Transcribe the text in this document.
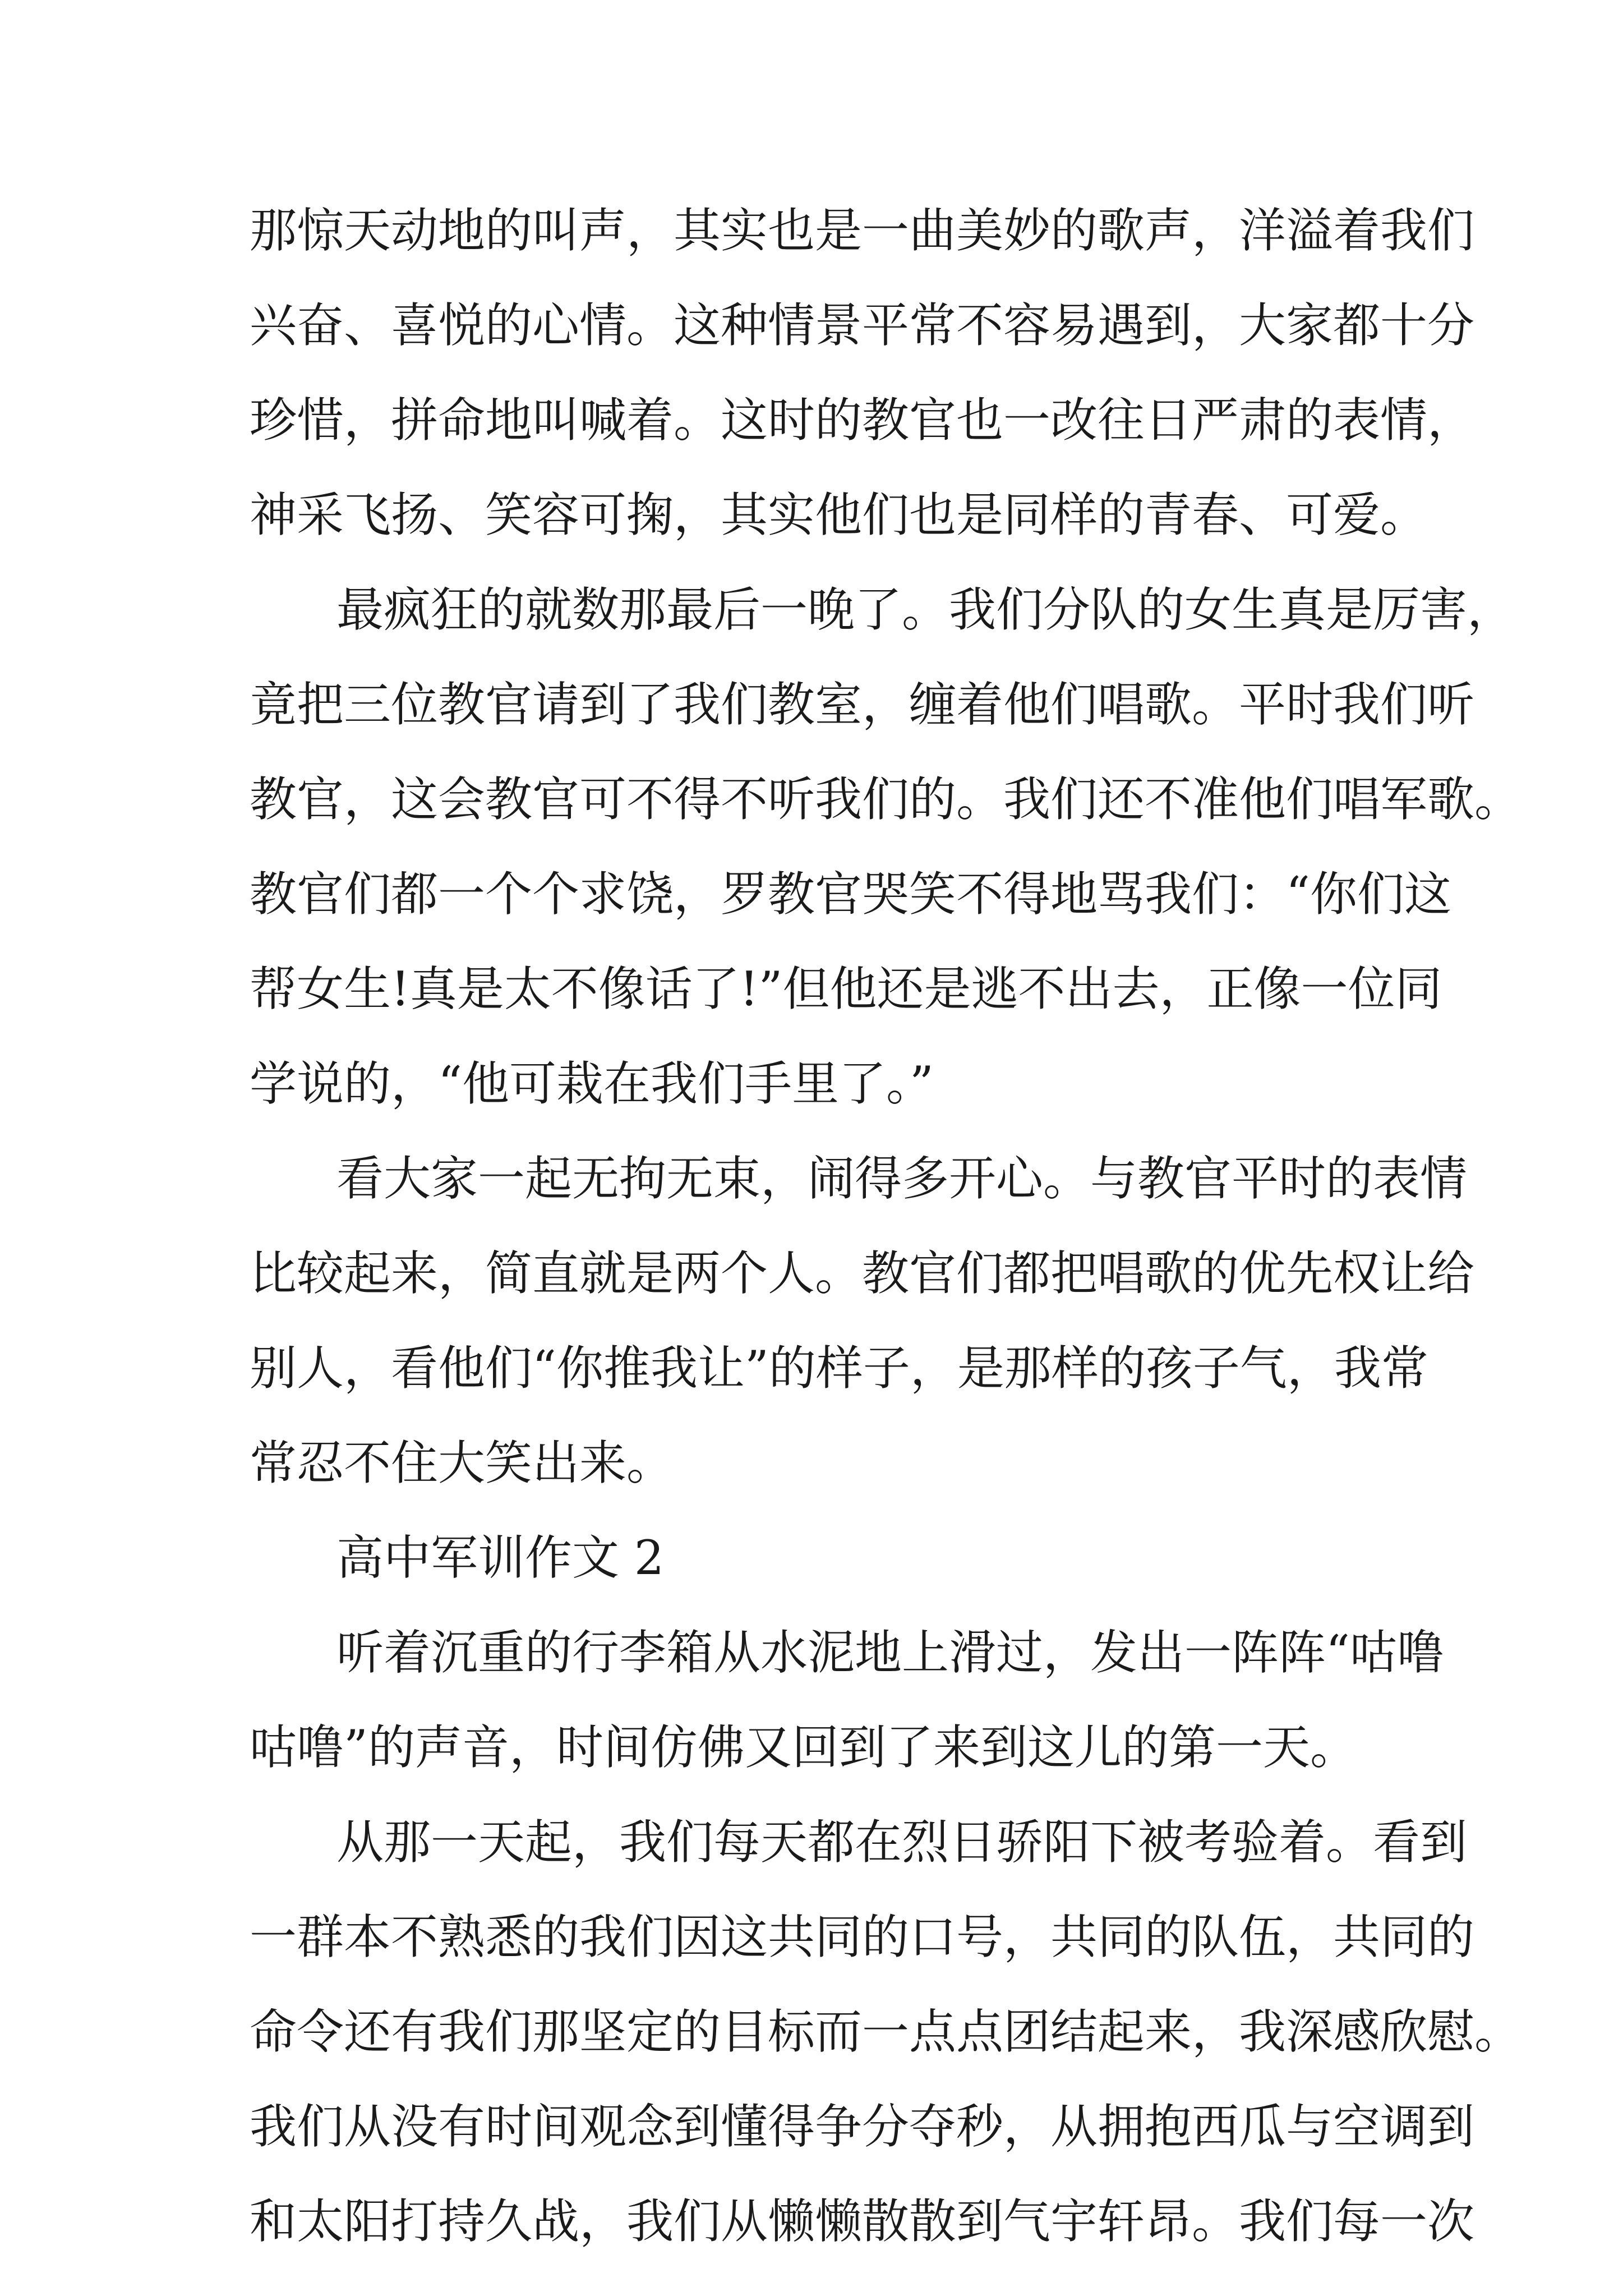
那惊天动地的叫声，其实也是一曲美妙的歌声，洋溢着我们

兴奋、喜悦的心情。这种情景平常不容易遇到，大家都十分

珍惜，拼命地叫喊着。这时的教官也一改往日严肃的表情，

神采飞扬、笑容可掬，其实他们也是同样的青春、可爱。

最疯狂的就数那最后一晚了。我们分队的女生真是厉害，

竟把三位教官请到了我们教室，缠着他们唱歌。平时我们听

教官，这会教官可不得不听我们的。我们还不准他们唱军歌。

教官们都一个个求饶，罗教官哭笑不得地骂我们：“你们这

帮女生!真是太不像话了!”但他还是逃不出去，正像一位同

学说的，“他可栽在我们手里了。”

看大家一起无拘无束，闹得多开心。与教官平时的表情

比较起来，简直就是两个人。教官们都把唱歌的优先权让给

别人，看他们“你推我让”的样子，是那样的孩子气，我常

常忍不住大笑出来。

高中军训作文 2

听着沉重的行李箱从水泥地上滑过，发出一阵阵“咕噜

咕噜”的声音，时间仿佛又回到了来到这儿的第一天。

从那一天起，我们每天都在烈日骄阳下被考验着。看到

一群本不熟悉的我们因这共同的口号，共同的队伍，共同的

命令还有我们那坚定的目标而一点点团结起来，我深感欣慰。

我们从没有时间观念到懂得争分夺秒，从拥抱西瓜与空调到

和太阳打持久战，我们从懒懒散散到气宇轩昂。我们每一次
